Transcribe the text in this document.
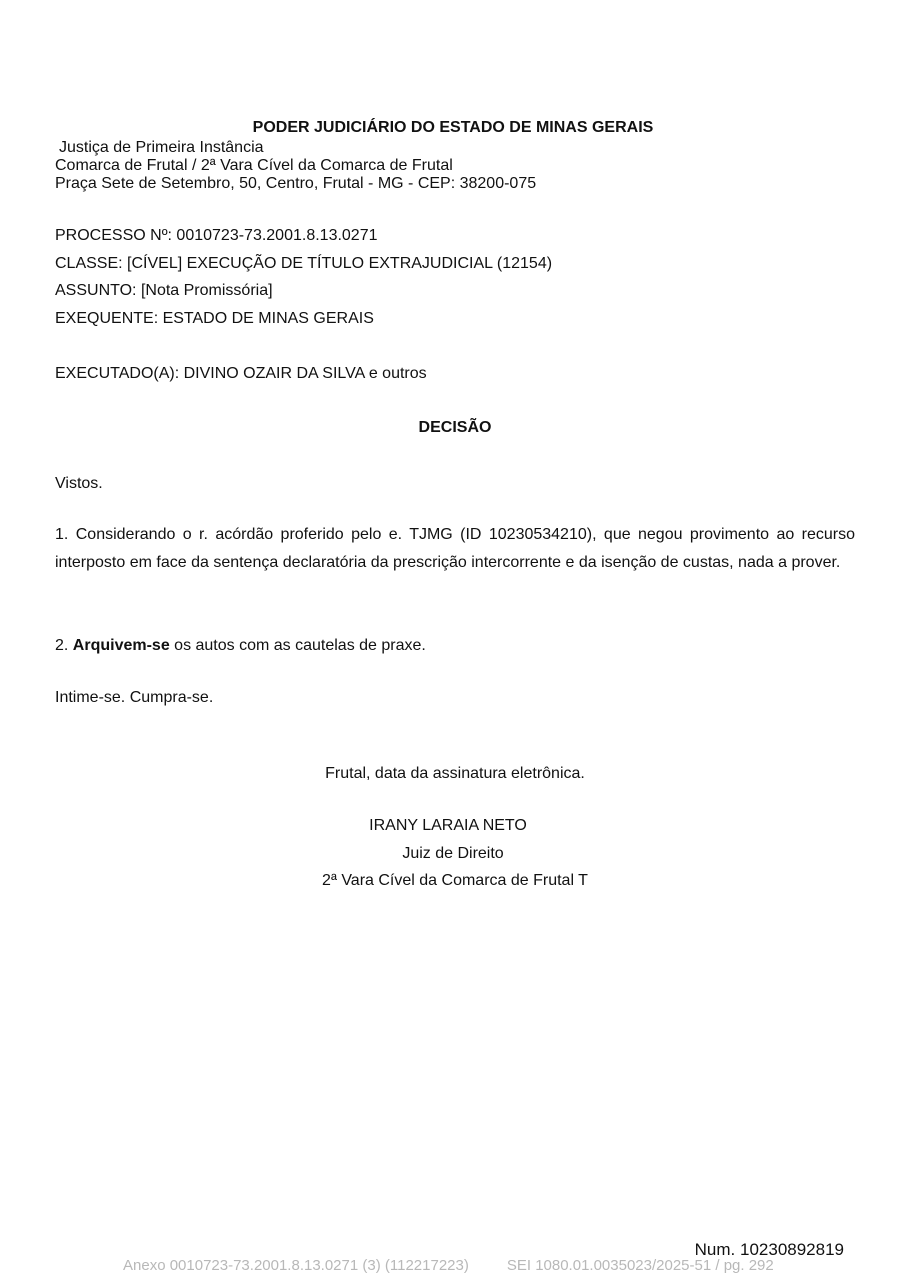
PODER JUDICIÁRIO DO ESTADO DE MINAS GERAIS
Justiça de Primeira Instância
Comarca de Frutal / 2ª Vara Cível da Comarca de Frutal
Praça Sete de Setembro, 50, Centro, Frutal - MG - CEP: 38200-075
PROCESSO Nº: 0010723-73.2001.8.13.0271
CLASSE: [CÍVEL] EXECUÇÃO DE TÍTULO EXTRAJUDICIAL (12154)
ASSUNTO: [Nota Promissória]
EXEQUENTE: ESTADO DE MINAS GERAIS
EXECUTADO(A): DIVINO OZAIR DA SILVA e outros
DECISÃO
Vistos.

1. Considerando o r. acórdão proferido pelo e. TJMG (ID 10230534210), que negou provimento ao recurso interposto em face da sentença declaratória da prescrição intercorrente e da isenção de custas, nada a prover.

2. Arquivem-se os autos com as cautelas de praxe.
Intime-se. Cumpra-se.
Frutal, data da assinatura eletrônica.
IRANY LARAIA NETO
Juiz de Direito
2ª Vara Cível da Comarca de Frutal T
Num. 10230892819
Anexo 0010723-73.2001.8.13.0271 (3) (112217223)	SEI 1080.01.0035023/2025-51 / pg. 292
